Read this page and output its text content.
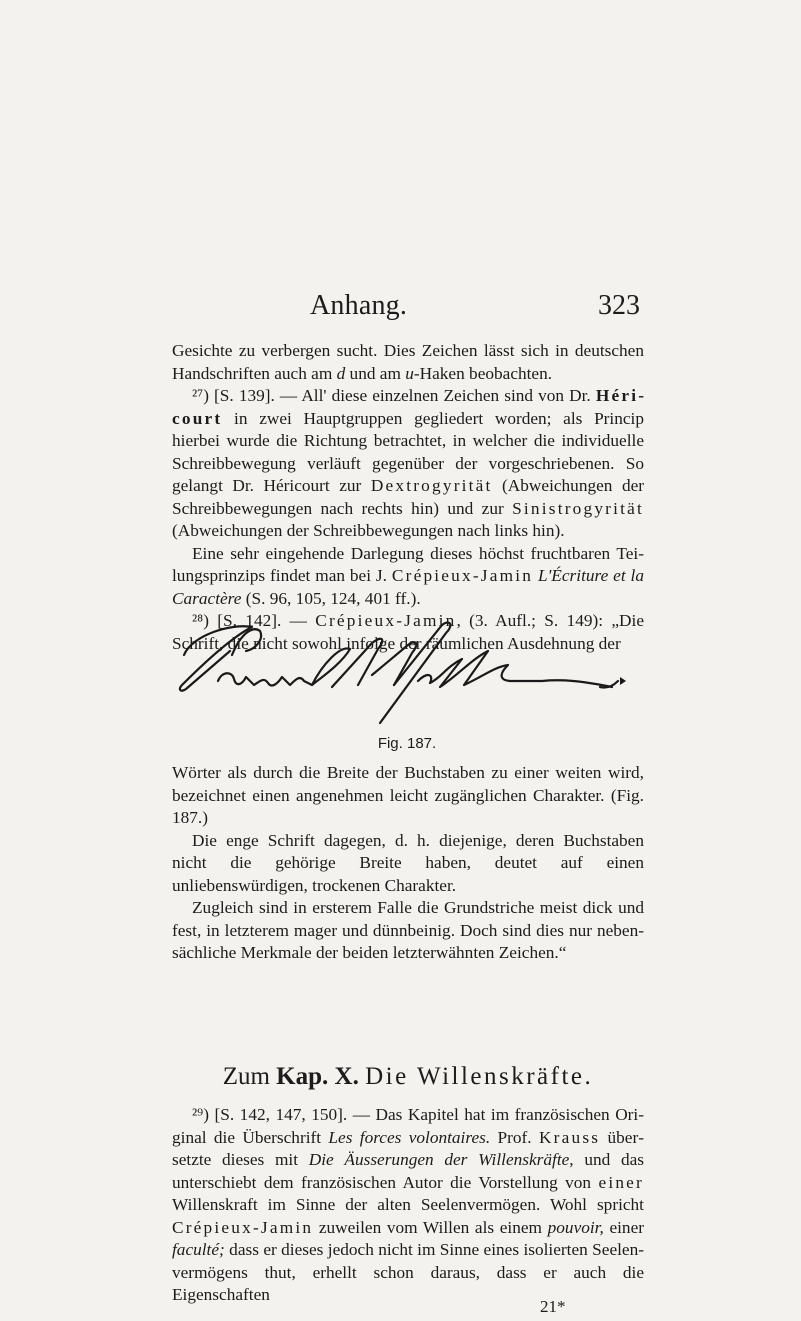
Anhang.	323

Gesichte zu verbergen sucht. Dies Zeichen lässt sich in deutschen Handschriften auch am d und am u-Haken beobachten.

²⁷) [S. 139]. — All' diese einzelnen Zeichen sind von Dr. Héricourt in zwei Hauptgruppen gegliedert worden; als Princip hierbei wurde die Richtung betrachtet, in welcher die individuelle Schreibbewegung verläuft gegenüber der vorgeschriebenen. So gelangt Dr. Héricourt zur Dextrogyrität (Abweichungen der Schreibbewegungen nach rechts hin) und zur Sinistrogyrität (Abweichungen der Schreibbewegungen nach links hin).

Eine sehr eingehende Darlegung dieses höchst fruchtbaren Teilungsprinzips findet man bei J. Crépieux-Jamin L'Écriture et la Caractère (S. 96, 105, 124, 401 ff.).

²⁸) [S. 142]. — Crépieux-Jamin, (3. Aufl.; S. 149): „Die Schrift, die nicht sowohl infolge der räumlichen Ausdehnung der

Fig. 187.

Wörter als durch die Breite der Buchstaben zu einer weiten wird, bezeichnet einen angenehmen leicht zugänglichen Charakter. (Fig. 187.)

Die enge Schrift dagegen, d. h. diejenige, deren Buchstaben nicht die gehörige Breite haben, deutet auf einen unliebenswürdigen, trockenen Charakter.

Zugleich sind in ersterem Falle die Grundstriche meist dick und fest, in letzterem mager und dünnbeinig. Doch sind dies nur nebensächliche Merkmale der beiden letzterwähnten Zeichen.“

Zum Kap. X. Die Willenskräfte.

²⁹) [S. 142, 147, 150]. — Das Kapitel hat im französischen Original die Überschrift Les forces volontaires. Prof. Krauss übersetzte dieses mit Die Äusserungen der Willenskräfte, und das unterschiebt dem französischen Autor die Vorstellung von einer Willenskraft im Sinne der alten Seelenvermögen. Wohl spricht Crépieux-Jamin zuweilen vom Willen als einem pouvoir, einer faculté; dass er dieses jedoch nicht im Sinne eines isolierten Seelenvermögens thut, erhellt schon daraus, dass er auch die Eigenschaften

21*
